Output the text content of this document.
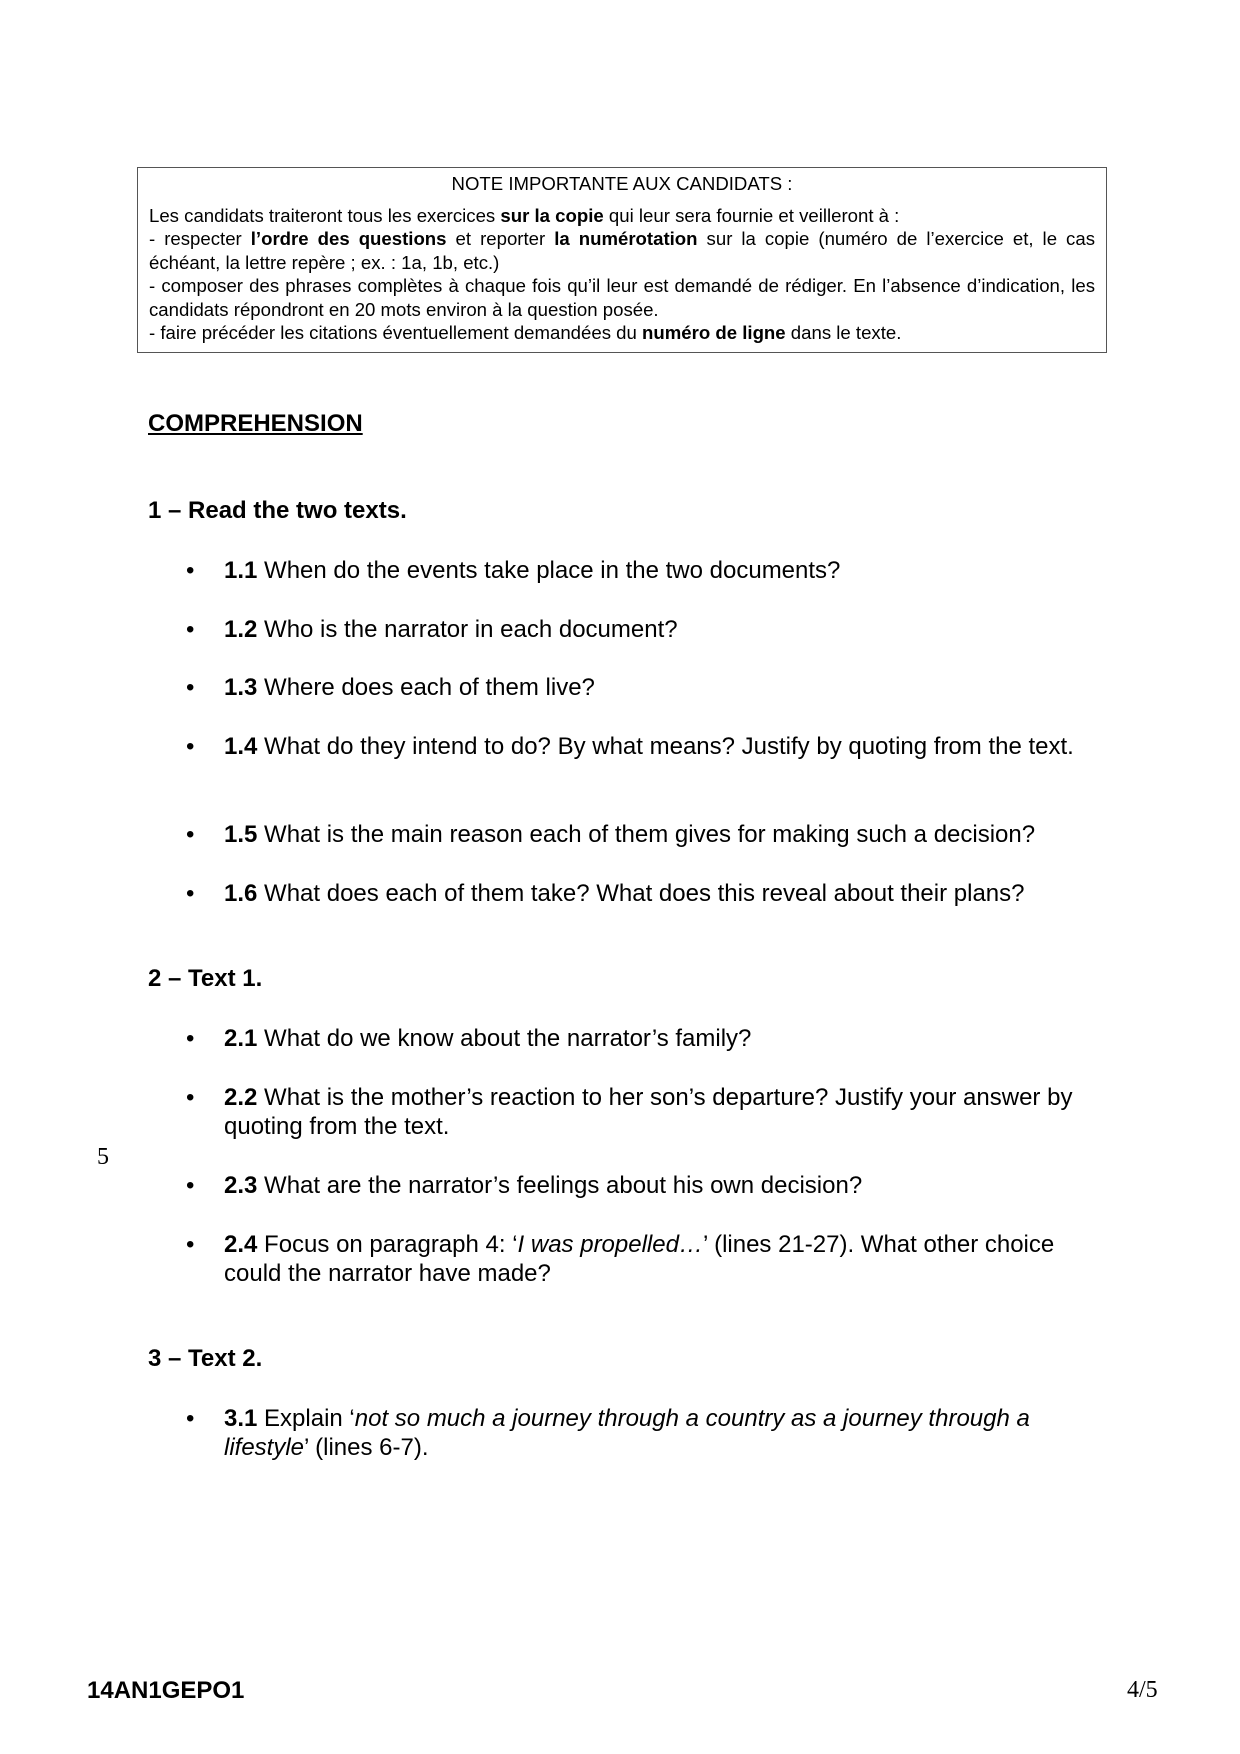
NOTE IMPORTANTE AUX CANDIDATS :
Les candidats traiteront tous les exercices sur la copie qui leur sera fournie et veilleront à :
- respecter l’ordre des questions et reporter la numérotation sur la copie (numéro de l’exercice et, le cas échéant, la lettre repère ; ex. : 1a, 1b, etc.)
- composer des phrases complètes à chaque fois qu’il leur est demandé de rédiger. En l’absence d’indication, les candidats répondront en 20 mots environ à la question posée.
- faire précéder les citations éventuellement demandées du numéro de ligne dans le texte.
COMPREHENSION
1 – Read the two texts.
• 1.1 When do the events take place in the two documents?
• 1.2 Who is the narrator in each document?
• 1.3 Where does each of them live?
• 1.4 What do they intend to do? By what means? Justify by quoting from the text.
• 1.5 What is the main reason each of them gives for making such a decision?
• 1.6 What does each of them take? What does this reveal about their plans?
2 – Text 1.
• 2.1 What do we know about the narrator’s family?
• 2.2 What is the mother’s reaction to her son’s departure? Justify your answer by quoting from the text.
• 2.3 What are the narrator’s feelings about his own decision?
• 2.4 Focus on paragraph 4: ‘I was propelled…’ (lines 21-27). What other choice could the narrator have made?
3 – Text 2.
• 3.1 Explain ‘not so much a journey through a country as a journey through a lifestyle’ (lines 6-7).
5
14AN1GEPO1	4/5
